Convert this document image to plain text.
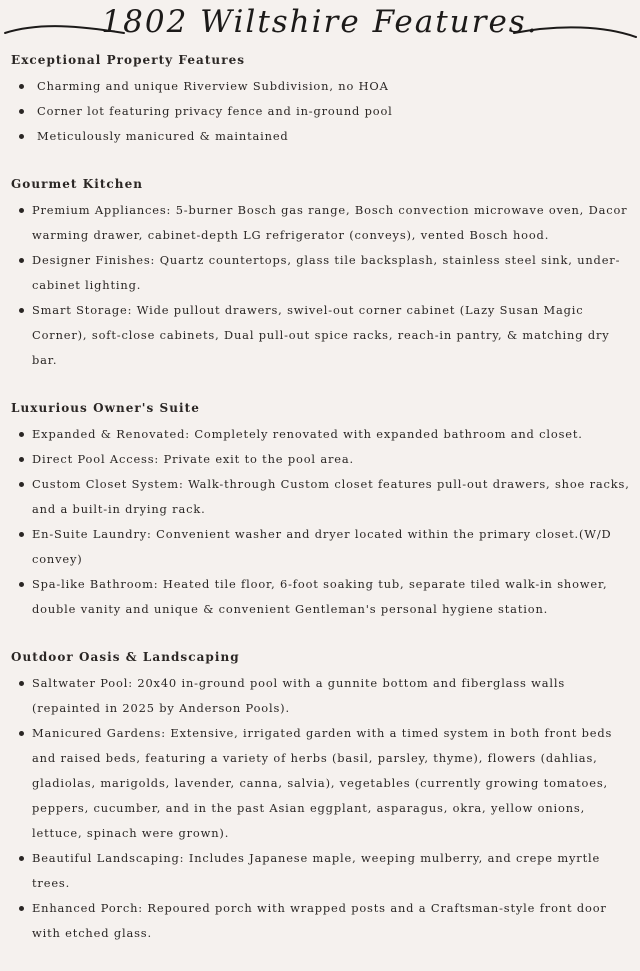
1802 Wiltshire Features.
Exceptional Property Features
Charming and unique Riverview Subdivision, no HOA
Corner lot featuring privacy fence and in-ground pool
Meticulously manicured & maintained
Gourmet Kitchen
Premium Appliances: 5-burner Bosch gas range, Bosch convection microwave oven, Dacor warming drawer, cabinet-depth LG refrigerator (conveys), vented Bosch hood.
Designer Finishes: Quartz countertops, glass tile backsplash, stainless steel sink, under-cabinet lighting.
Smart Storage: Wide pullout drawers, swivel-out corner cabinet (Lazy Susan Magic Corner), soft-close cabinets, Dual pull-out spice racks, reach-in pantry, & matching dry bar.
Luxurious Owner's Suite
Expanded & Renovated: Completely renovated with expanded bathroom and closet.
Direct Pool Access: Private exit to the pool area.
Custom Closet System: Walk-through Custom closet features pull-out drawers, shoe racks, and a built-in drying rack.
En-Suite Laundry: Convenient washer and dryer located within the primary closet.(W/D convey)
Spa-like Bathroom: Heated tile floor, 6-foot soaking tub, separate tiled walk-in shower, double vanity and unique & convenient Gentleman's personal hygiene station.
Outdoor Oasis & Landscaping
Saltwater Pool: 20x40 in-ground pool with a gunnite bottom and fiberglass walls (repainted in 2025 by Anderson Pools).
Manicured Gardens: Extensive, irrigated garden with a timed system in both front beds and raised beds, featuring a variety of herbs (basil, parsley, thyme), flowers (dahlias, gladiolas, marigolds, lavender, canna, salvia), vegetables (currently growing tomatoes, peppers, cucumber, and in the past Asian eggplant, asparagus, okra, yellow onions, lettuce, spinach were grown).
Beautiful Landscaping: Includes Japanese maple, weeping mulberry, and crepe myrtle trees.
Enhanced Porch: Repoured porch with wrapped posts and a Craftsman-style front door with etched glass.
